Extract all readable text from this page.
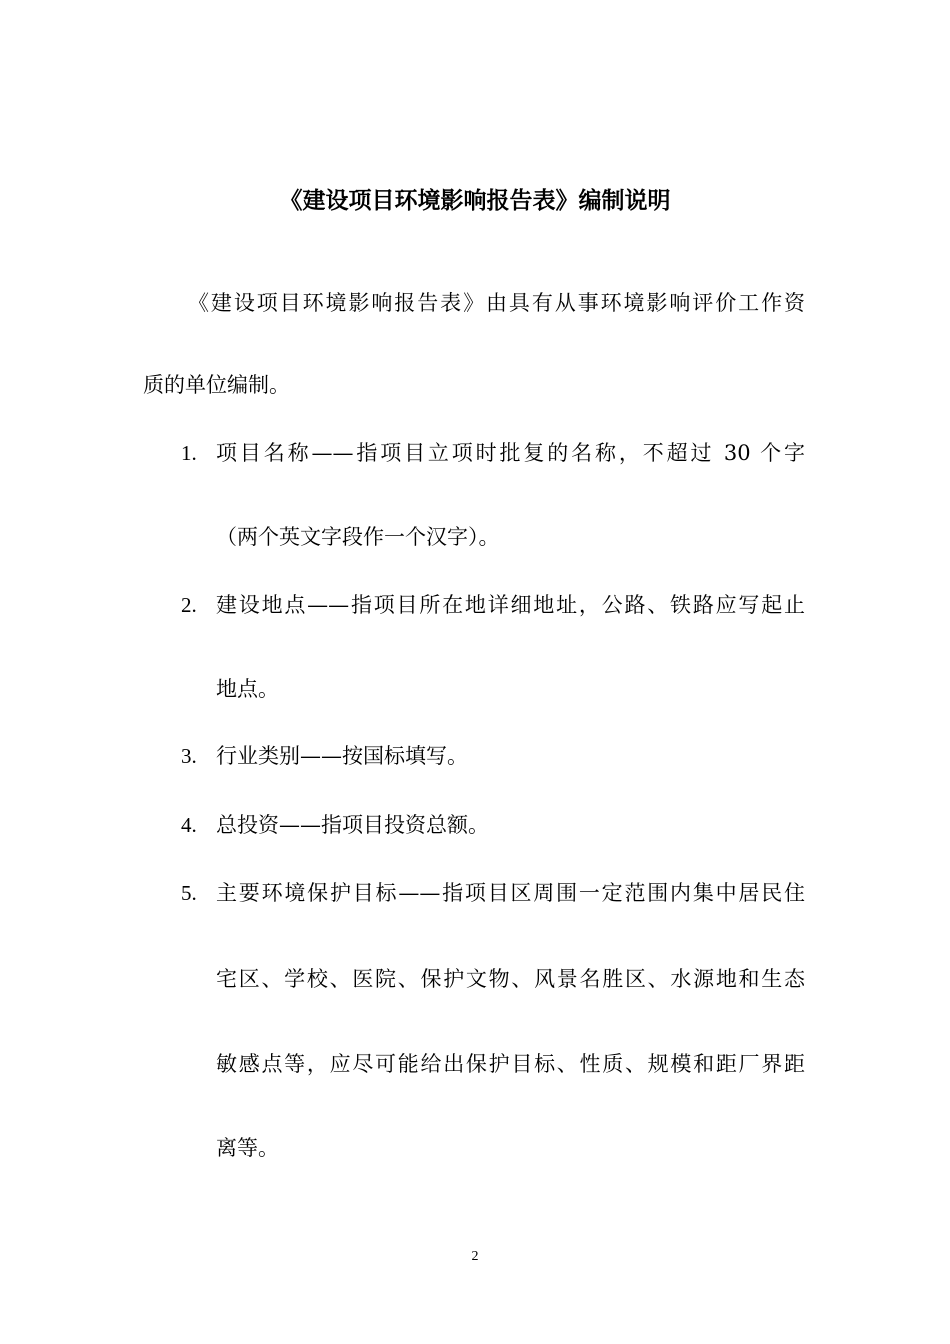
《建设项目环境影响报告表》编制说明
《建设项目环境影响报告表》由具有从事环境影响评价工作资
质的单位编制。
1. 项目名称——指项目立项时批复的名称，不超过 30 个字
（两个英文字段作一个汉字）。
2. 建设地点——指项目所在地详细地址，公路、铁路应写起止
地点。
3. 行业类别——按国标填写。
4. 总投资——指项目投资总额。
5. 主要环境保护目标——指项目区周围一定范围内集中居民住
宅区、学校、医院、保护文物、风景名胜区、水源地和生态
敏感点等，应尽可能给出保护目标、性质、规模和距厂界距
离等。
2
